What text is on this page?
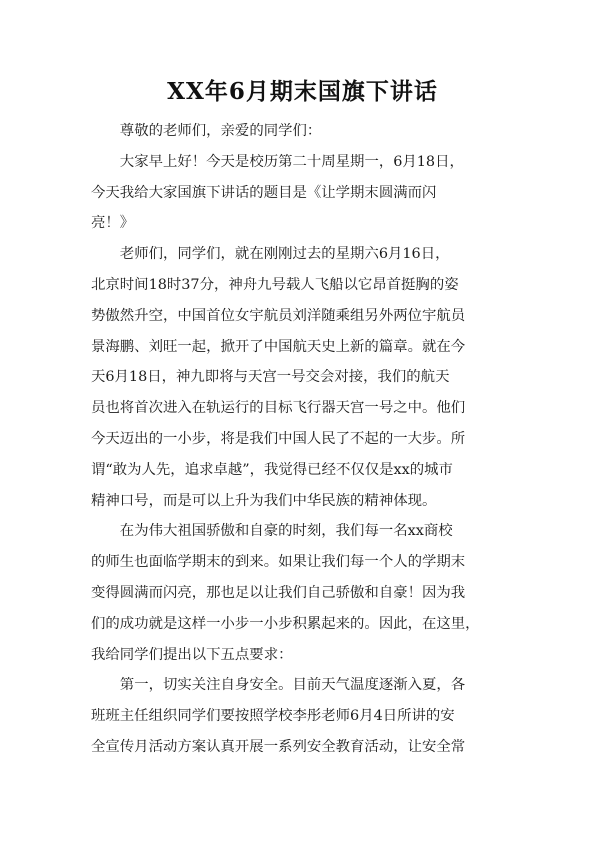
XX年6月期末国旗下讲话

尊敬的老师们，亲爱的同学们：

大家早上好！今天是校历第二十周星期一，6月18日，
今天我给大家国旗下讲话的题目是《让学期末圆满而闪
亮！》

老师们，同学们，就在刚刚过去的星期六6月16日，
北京时间18时37分，神舟九号载人飞船以它昂首挺胸的姿
势傲然升空，中国首位女宇航员刘洋随乘组另外两位宇航员
景海鹏、刘旺一起，掀开了中国航天史上新的篇章。就在今
天6月18日，神九即将与天宫一号交会对接，我们的航天
员也将首次进入在轨运行的目标飞行器天宫一号之中。他们
今天迈出的一小步，将是我们中国人民了不起的一大步。所
谓“敢为人先，追求卓越”，我觉得已经不仅仅是xx的城市
精神口号，而是可以上升为我们中华民族的精神体现。

在为伟大祖国骄傲和自豪的时刻，我们每一名xx商校
的师生也面临学期末的到来。如果让我们每一个人的学期末
变得圆满而闪亮，那也足以让我们自己骄傲和自豪！因为我
们的成功就是这样一小步一小步积累起来的。因此，在这里，
我给同学们提出以下五点要求：

第一，切实关注自身安全。目前天气温度逐渐入夏，各
班班主任组织同学们要按照学校李彤老师6月4日所讲的安
全宣传月活动方案认真开展一系列安全教育活动，让安全常
